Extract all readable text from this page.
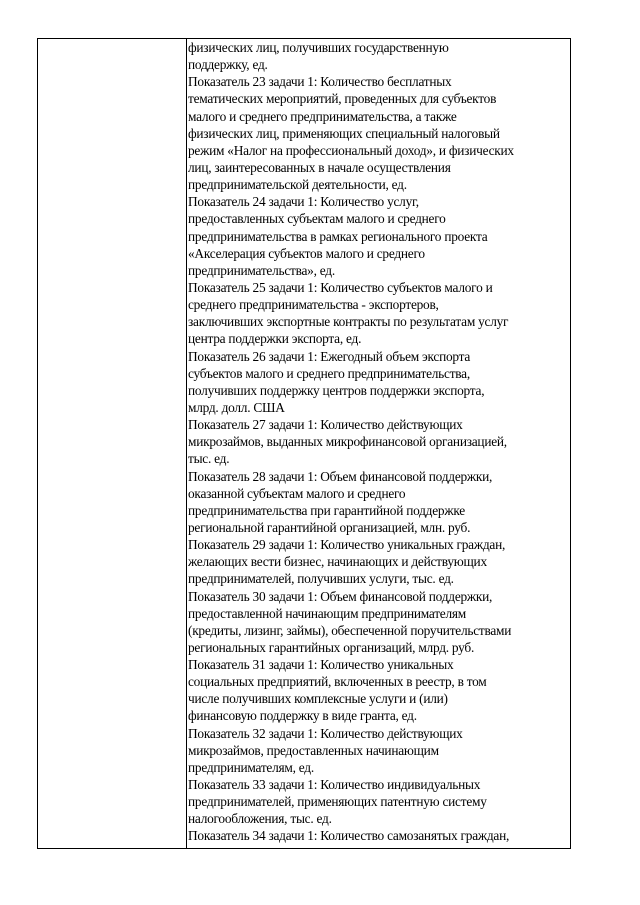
физических лиц, получивших государственную
поддержку, ед.
Показатель 23 задачи 1: Количество бесплатных
тематических мероприятий, проведенных для субъектов
малого и среднего предпринимательства, а также
физических лиц, применяющих специальный налоговый
режим «Налог на профессиональный доход», и физических
лиц, заинтересованных в начале осуществления
предпринимательской деятельности, ед.
Показатель 24 задачи 1: Количество услуг,
предоставленных субъектам малого и среднего
предпринимательства в рамках регионального проекта
«Акселерация субъектов малого и среднего
предпринимательства», ед.
Показатель 25 задачи 1: Количество субъектов малого и
среднего предпринимательства - экспортеров,
заключивших экспортные контракты по результатам услуг
центра поддержки экспорта, ед.
Показатель 26 задачи 1: Ежегодный объем экспорта
субъектов малого и среднего предпринимательства,
получивших поддержку центров поддержки экспорта,
млрд. долл. США
Показатель 27 задачи 1: Количество действующих
микрозаймов, выданных микрофинансовой организацией,
тыс. ед.
Показатель 28 задачи 1: Объем финансовой поддержки,
оказанной субъектам малого и среднего
предпринимательства при гарантийной поддержке
региональной гарантийной организацией, млн. руб.
Показатель 29 задачи 1: Количество уникальных граждан,
желающих вести бизнес, начинающих и действующих
предпринимателей, получивших услуги, тыс. ед.
Показатель 30 задачи 1: Объем финансовой поддержки,
предоставленной начинающим предпринимателям
(кредиты, лизинг, займы), обеспеченной поручительствами
региональных гарантийных организаций, млрд. руб.
Показатель 31 задачи 1: Количество уникальных
социальных предприятий, включенных в реестр, в том
числе получивших комплексные услуги и (или)
финансовую поддержку в виде гранта, ед.
Показатель 32 задачи 1: Количество действующих
микрозаймов, предоставленных начинающим
предпринимателям, ед.
Показатель 33 задачи 1: Количество индивидуальных
предпринимателей, применяющих патентную систему
налогообложения, тыс. ед.
Показатель 34 задачи 1: Количество самозанятых граждан,
